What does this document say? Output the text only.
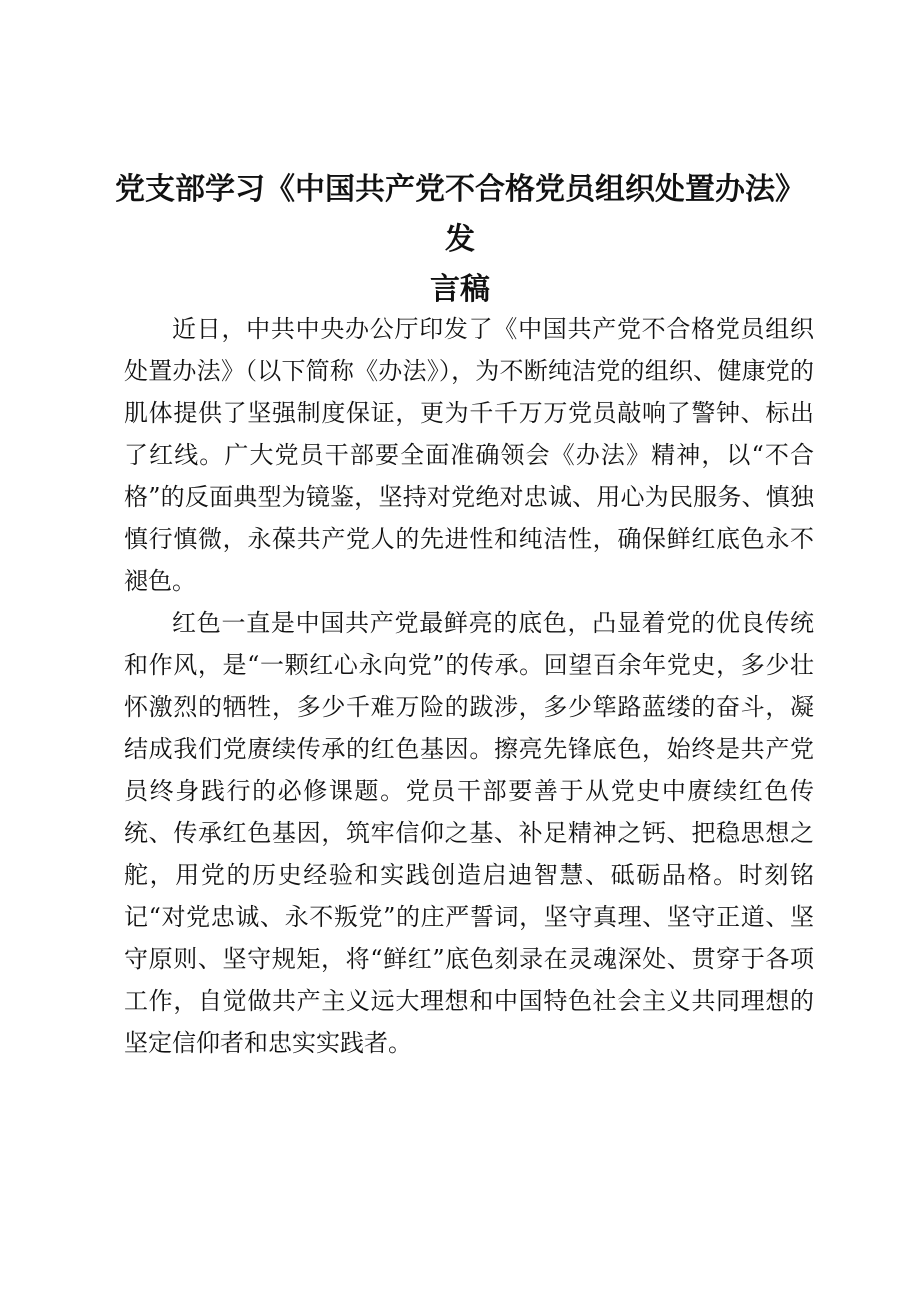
党支部学习《中国共产党不合格党员组织处置办法》发
言稿

近日，中共中央办公厅印发了《中国共产党不合格党员组织处置办法》（以下简称《办法》），为不断纯洁党的组织、健康党的肌体提供了坚强制度保证，更为千千万万党员敲响了警钟、标出了红线。广大党员干部要全面准确领会《办法》精神，以“不合格”的反面典型为镜鉴，坚持对党绝对忠诚、用心为民服务、慎独慎行慎微，永葆共产党人的先进性和纯洁性，确保鲜红底色永不褪色。

红色一直是中国共产党最鲜亮的底色，凸显着党的优良传统和作风，是“一颗红心永向党”的传承。回望百余年党史，多少壮怀激烈的牺牲，多少千难万险的跋涉，多少筚路蓝缕的奋斗，凝结成我们党赓续传承的红色基因。擦亮先锋底色，始终是共产党员终身践行的必修课题。党员干部要善于从党史中赓续红色传统、传承红色基因，筑牢信仰之基、补足精神之钙、把稳思想之舵，用党的历史经验和实践创造启迪智慧、砥砺品格。时刻铭记“对党忠诚、永不叛党”的庄严誓词，坚守真理、坚守正道、坚守原则、坚守规矩，将“鲜红”底色刻录在灵魂深处、贯穿于各项工作，自觉做共产主义远大理想和中国特色社会主义共同理想的坚定信仰者和忠实实践者。
